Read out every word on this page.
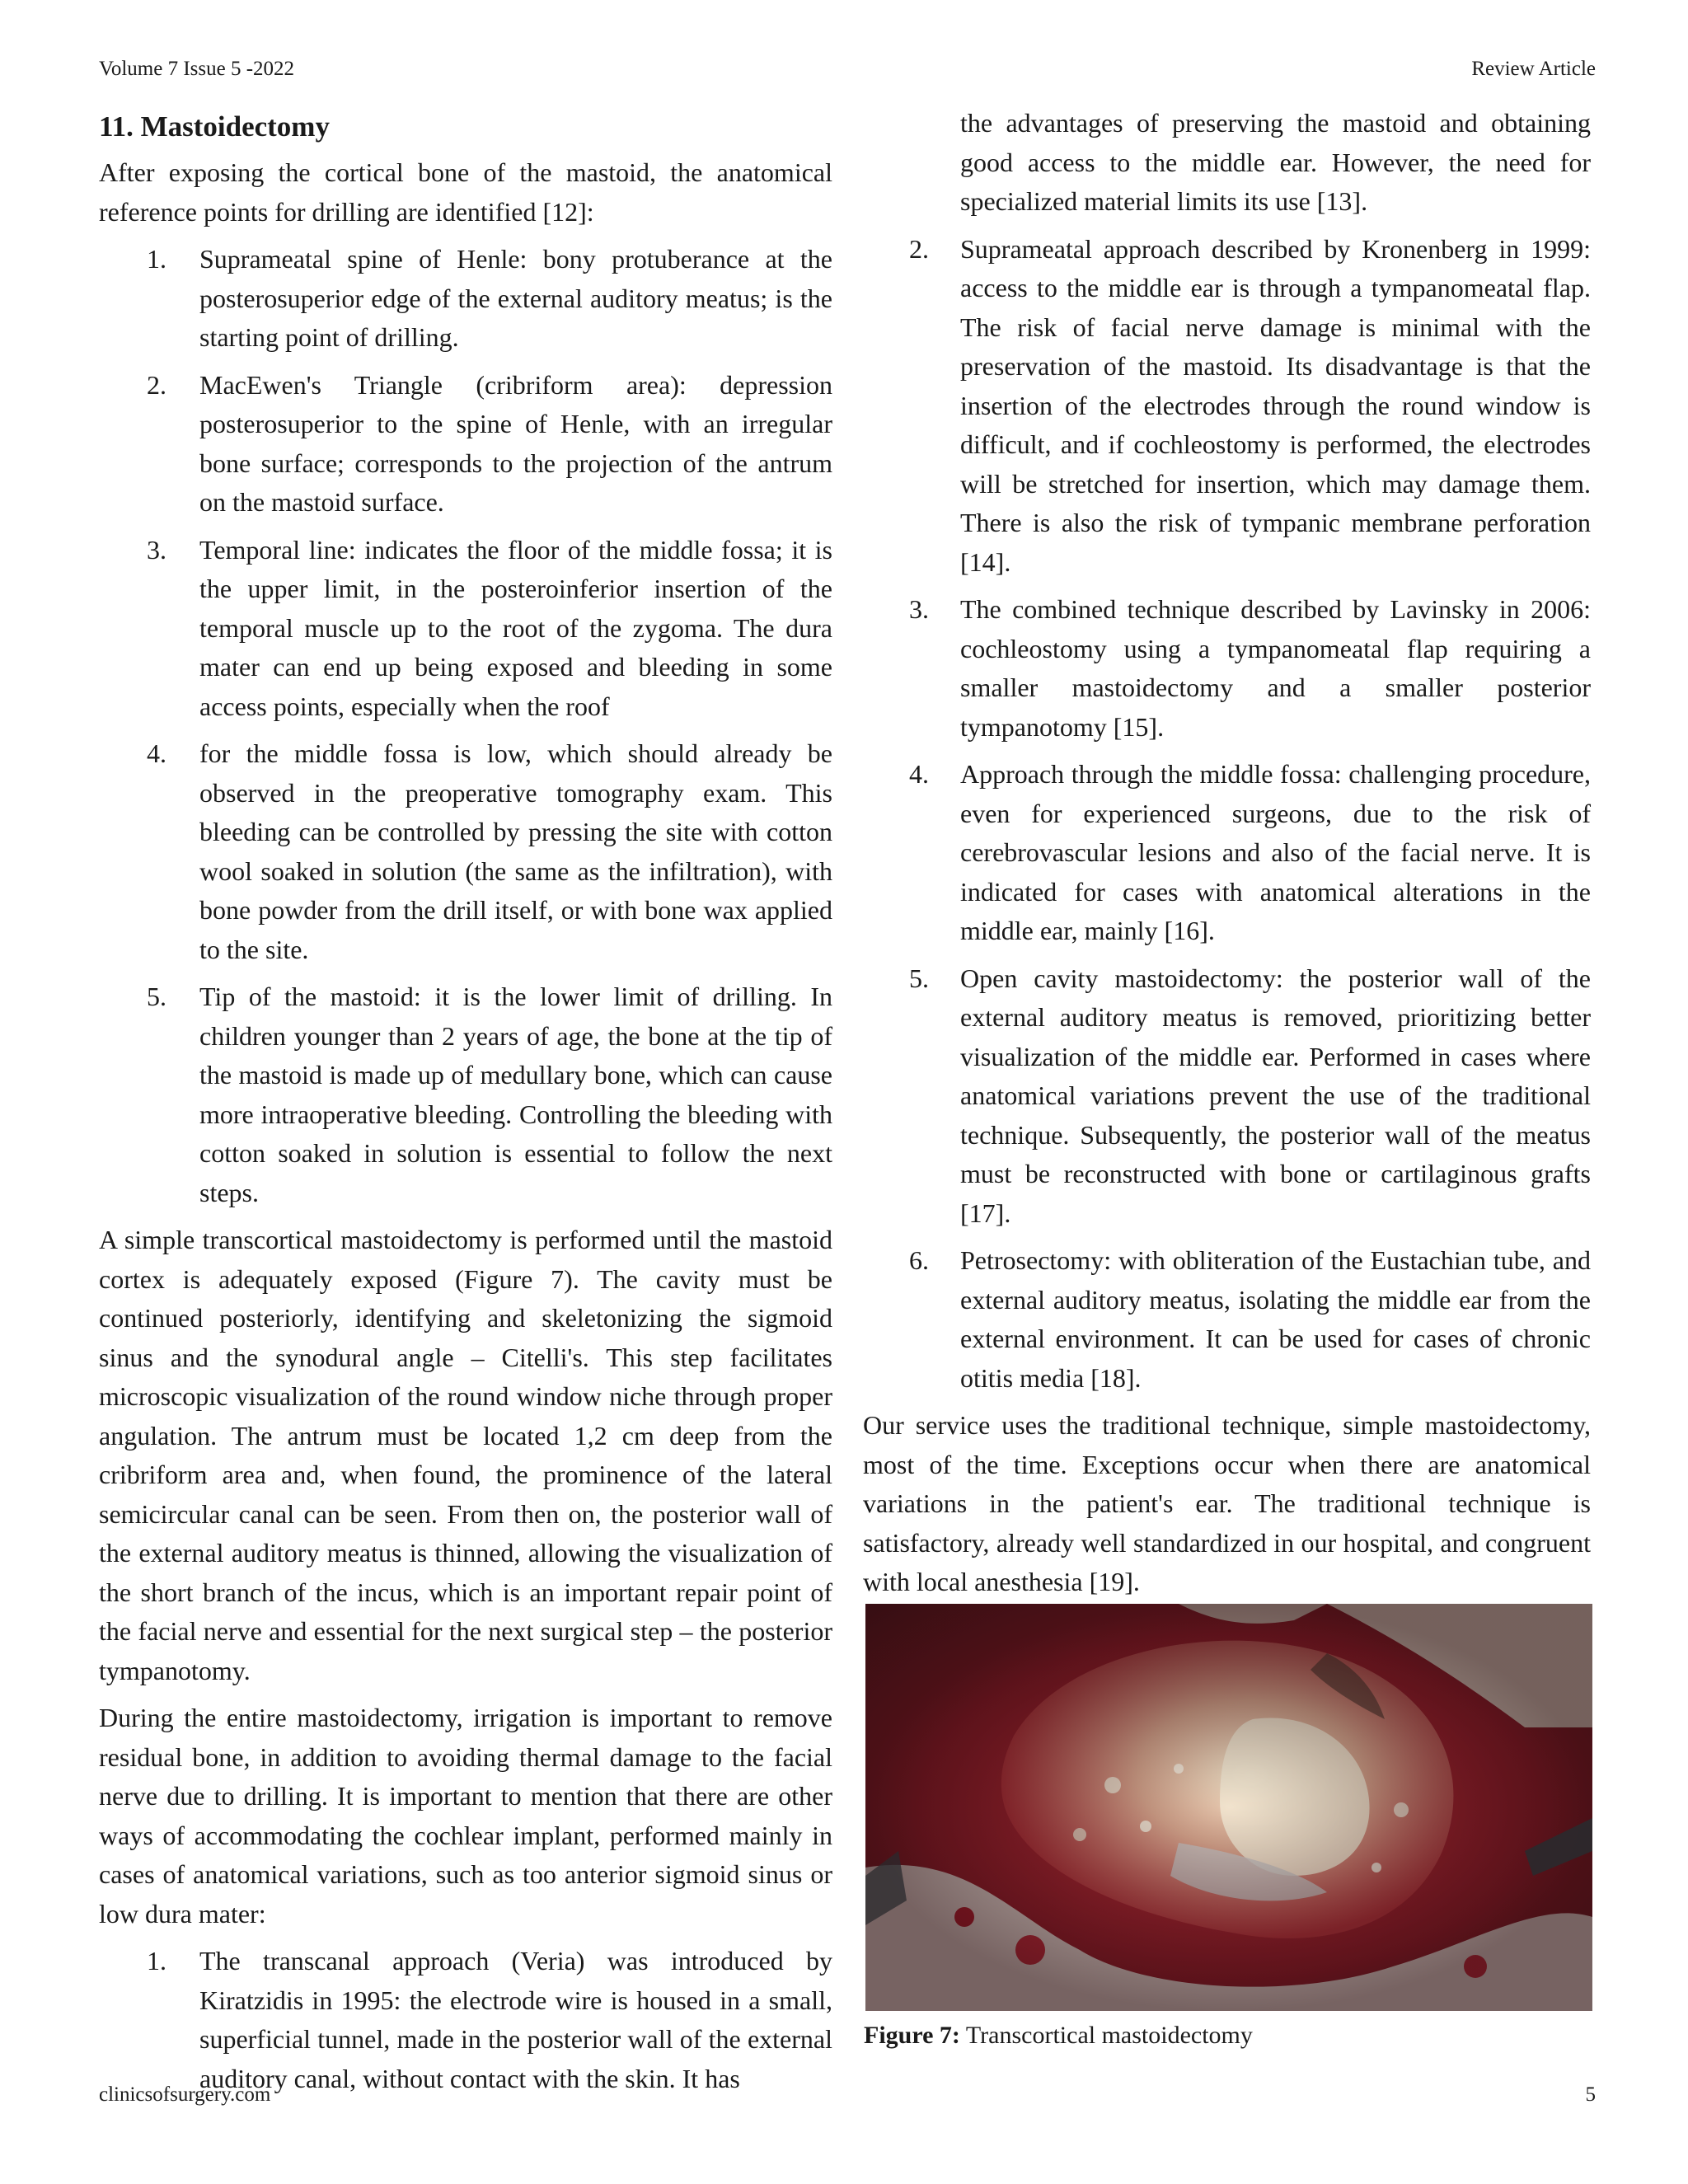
Volume 7 Issue 5 -2022	Review Article
11. Mastoidectomy

After exposing the cortical bone of the mastoid, the anatomical reference points for drilling are identified [12]:

1. Suprameatal spine of Henle: bony protuberance at the posterosuperior edge of the external auditory meatus; is the starting point of drilling.
2. MacEwen's Triangle (cribriform area): depression posterosuperior to the spine of Henle, with an irregular bone surface; corresponds to the projection of the antrum on the mastoid surface.
3. Temporal line: indicates the floor of the middle fossa; it is the upper limit, in the posteroinferior insertion of the temporal muscle up to the root of the zygoma. The dura mater can end up being exposed and bleeding in some access points, especially when the roof
4. for the middle fossa is low, which should already be observed in the preoperative tomography exam. This bleeding can be controlled by pressing the site with cotton wool soaked in solution (the same as the infiltration), with bone powder from the drill itself, or with bone wax applied to the site.
5. Tip of the mastoid: it is the lower limit of drilling. In children younger than 2 years of age, the bone at the tip of the mastoid is made up of medullary bone, which can cause more intraoperative bleeding. Controlling the bleeding with cotton soaked in solution is essential to follow the next steps.

A simple transcortical mastoidectomy is performed until the mastoid cortex is adequately exposed (Figure 7). The cavity must be continued posteriorly, identifying and skeletonizing the sigmoid sinus and the synodural angle – Citelli's. This step facilitates microscopic visualization of the round window niche through proper angulation. The antrum must be located 1,2 cm deep from the cribriform area and, when found, the prominence of the lateral semicircular canal can be seen. From then on, the posterior wall of the external auditory meatus is thinned, allowing the visualization of the short branch of the incus, which is an important repair point of the facial nerve and essential for the next surgical step – the posterior tympanotomy.

During the entire mastoidectomy, irrigation is important to remove residual bone, in addition to avoiding thermal damage to the facial nerve due to drilling. It is important to mention that there are other ways of accommodating the cochlear implant, performed mainly in cases of anatomical variations, such as too anterior sigmoid sinus or low dura mater:

1. The transcanal approach (Veria) was introduced by Kiratzidis in 1995: the electrode wire is housed in a small, superficial tunnel, made in the posterior wall of the external auditory canal, without contact with the skin. It has
the advantages of preserving the mastoid and obtaining good access to the middle ear. However, the need for specialized material limits its use [13].
2. Suprameatal approach described by Kronenberg in 1999: access to the middle ear is through a tympanomeatal flap. The risk of facial nerve damage is minimal with the preservation of the mastoid. Its disadvantage is that the insertion of the electrodes through the round window is difficult, and if cochleostomy is performed, the electrodes will be stretched for insertion, which may damage them. There is also the risk of tympanic membrane perforation [14].
3. The combined technique described by Lavinsky in 2006: cochleostomy using a tympanomeatal flap requiring a smaller mastoidectomy and a smaller posterior tympanotomy [15].
4. Approach through the middle fossa: challenging procedure, even for experienced surgeons, due to the risk of cerebrovascular lesions and also of the facial nerve. It is indicated for cases with anatomical alterations in the middle ear, mainly [16].
5. Open cavity mastoidectomy: the posterior wall of the external auditory meatus is removed, prioritizing better visualization of the middle ear. Performed in cases where anatomical variations prevent the use of the traditional technique. Subsequently, the posterior wall of the meatus must be reconstructed with bone or cartilaginous grafts [17].
6. Petrosectomy: with obliteration of the Eustachian tube, and external auditory meatus, isolating the middle ear from the external environment. It can be used for cases of chronic otitis media [18].

Our service uses the traditional technique, simple mastoidectomy, most of the time. Exceptions occur when there are anatomical variations in the patient's ear. The traditional technique is satisfactory, already well standardized in our hospital, and congruent with local anesthesia [19].

Figure 7: Transcortical mastoidectomy
clinicsofsurgery.com	5
